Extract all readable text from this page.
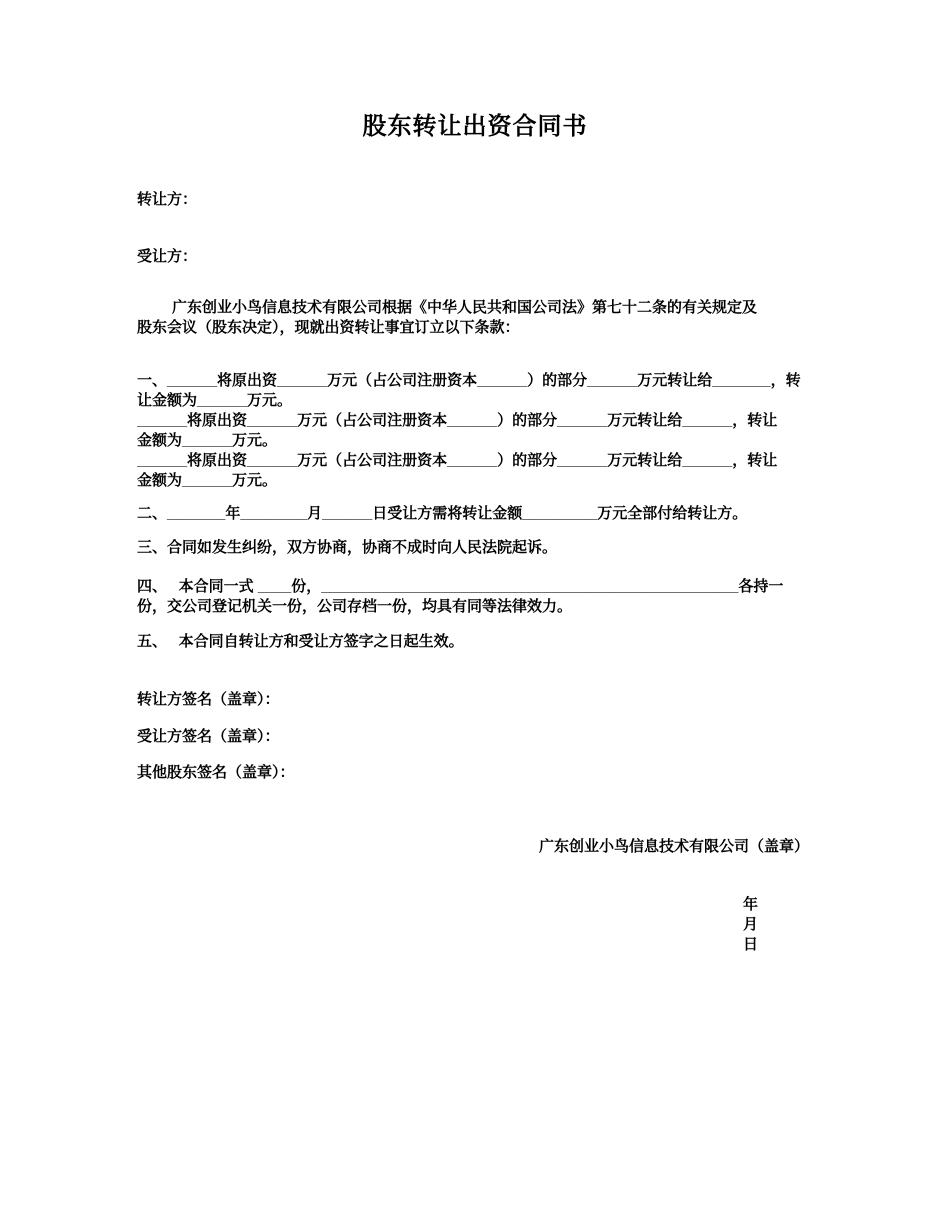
股东转让出资合同书
转让方：
受让方：
广东创业小鸟信息技术有限公司根据《中华人民共和国公司法》第七十二条的有关规定及
股东会议（股东决定），现就出资转让事宜订立以下条款：
一、______将原出资______万元（占公司注册资本______）的部分______万元转让给_______，转
让金额为______万元。
______将原出资______万元（占公司注册资本______）的部分______万元转让给______，转让
金额为______万元。
______将原出资______万元（占公司注册资本______）的部分______万元转让给______，转让
金额为______万元。
二、_______年________月______日受让方需将转让金额_________万元全部付给转让方。
三、合同如发生纠纷，双方协商，协商不成时向人民法院起诉。
四、　 本合同一式 ____份，__________________________________________________各持一
份，交公司登记机关一份，公司存档一份，均具有同等法律效力。
五、　 本合同自转让方和受让方签字之日起生效。
转让方签名（盖章）：
受让方签名（盖章）：
其他股东签名（盖章）：
广东创业小鸟信息技术有限公司（盖章）

年
月
日
